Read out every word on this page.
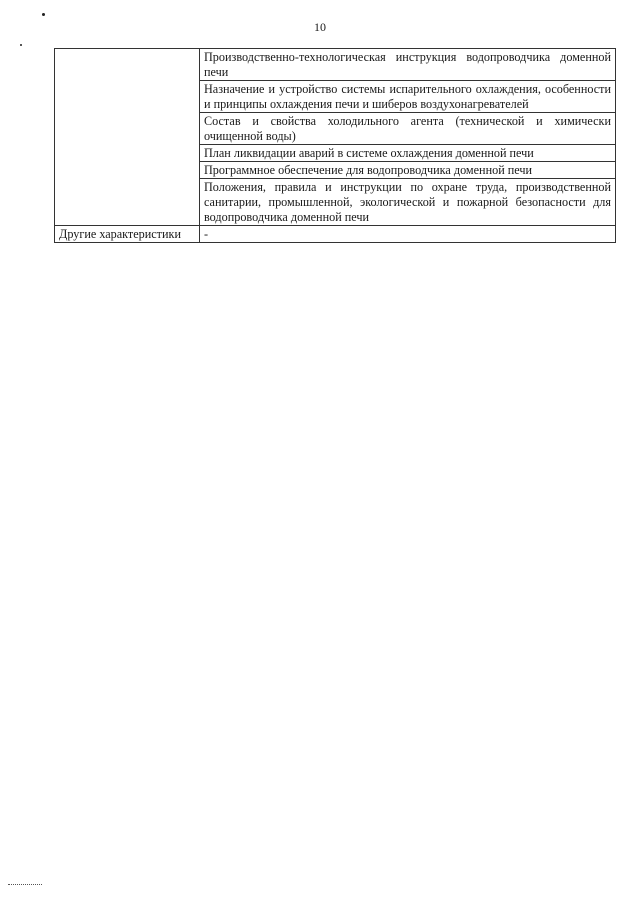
10
	Производственно-технологическая инструкция водопроводчика доменной печи
	Назначение и устройство системы испарительного охлаждения, особенности и принципы охлаждения печи и шиберов воздухонагревателей
	Состав и свойства холодильного агента (технической и химически очищенной воды)
	План ликвидации аварий в системе охлаждения доменной печи
	Программное обеспечение для водопроводчика доменной печи
	Положения, правила и инструкции по охране труда, производственной санитарии, промышленной, экологической и пожарной безопасности для водопроводчика доменной печи
Другие характеристики	-
